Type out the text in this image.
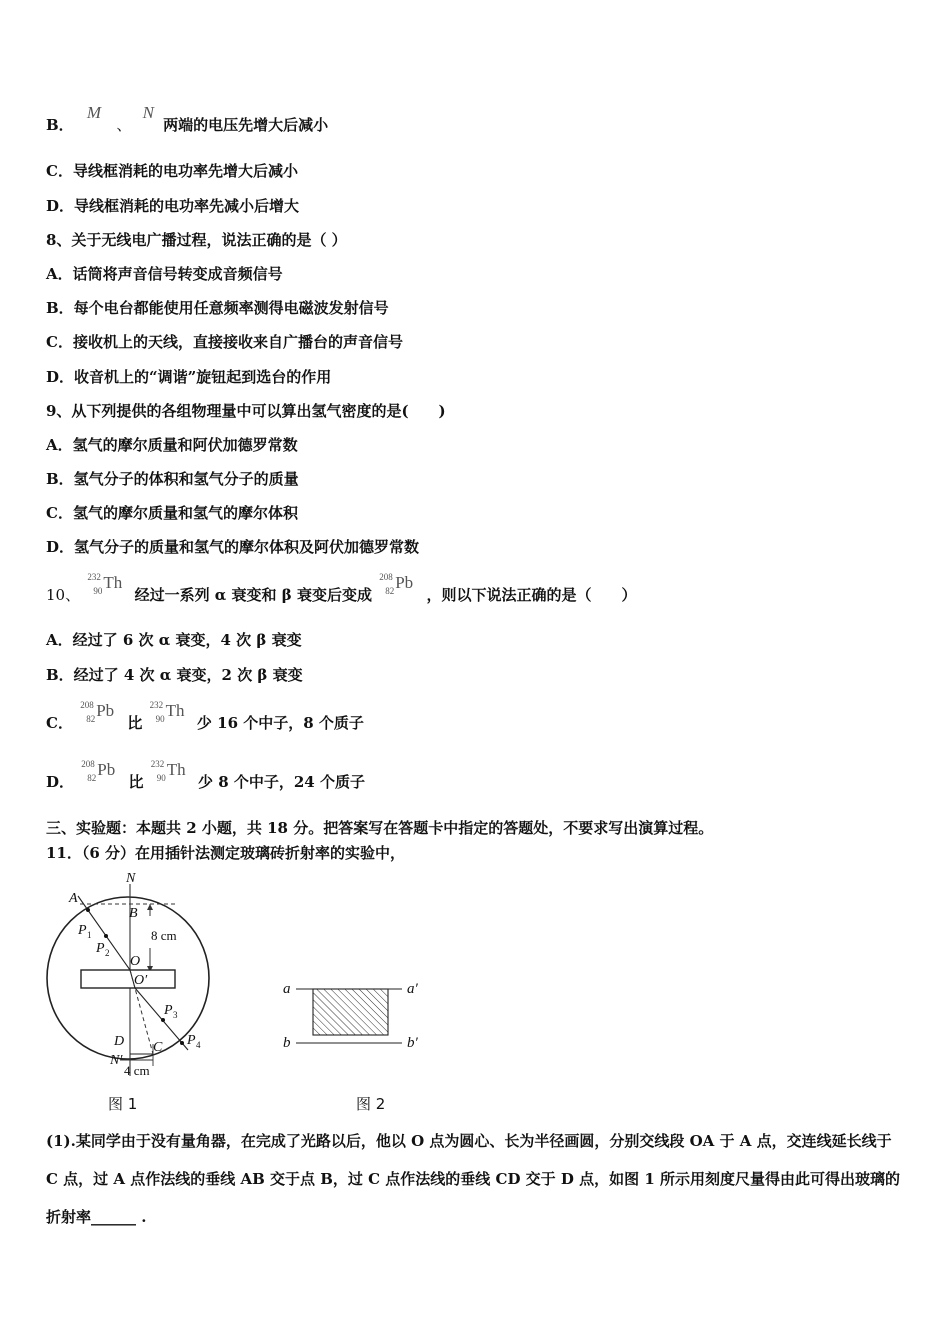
B． M 、 N 两端的电压先增大后减小
C．导线框消耗的电功率先增大后减小
D．导线框消耗的电功率先减小后增大
8、关于无线电广播过程，说法正确的是（ ）
A．话筒将声音信号转变成音频信号
B．每个电台都能使用任意频率测得电磁波发射信号
C．接收机上的天线，直接接收来自广播台的声音信号
D．收音机上的“调谐”旋钮起到选台的作用
9、从下列提供的各组物理量中可以算出氢气密度的是(　　)
A．氢气的摩尔质量和阿伏加德罗常数
B．氢气分子的体积和氢气分子的质量
C．氢气的摩尔质量和氢气的摩尔体积
D．氢气分子的质量和氢气的摩尔体积及阿伏加德罗常数
10、
232
90 Th
经过一系列 α 衰变和 β 衰变后变成
208
82 Pb
，则以下说法正确的是（　　）
A．经过了 6 次 α 衰变，4 次 β 衰变
B．经过了 4 次 α 衰变，2 次 β 衰变
C．
208
82 Pb
比
232
90 Th
少 16 个中子，8 个质子
D．
208
82 Pb
比
232
90 Th
少 8 个中子，24 个质子
三、实验题：本题共 2 小题，共 18 分。把答案写在答题卡中指定的答题处，不要求写出演算过程。
11．（6 分）在用插针法测定玻璃砖折射率的实验中，
N
A
B
P 1
P 2
O
O′
P 3
P 4
D C
N′
8 cm
4 cm
图 1
a	a′
b	b′
图 2
(1).某同学由于没有量角器，在完成了光路以后，他以 O 点为圆心、长为半径画圆，分别交线段 OA 于 A 点，交连线延长线于 C 点，过 A 点作法线的垂线 AB 交于点 B，过 C 点作法线的垂线 CD 交于 D 点，如图 1 所示用刻度尺量得由此可得出玻璃的折射率______ .
